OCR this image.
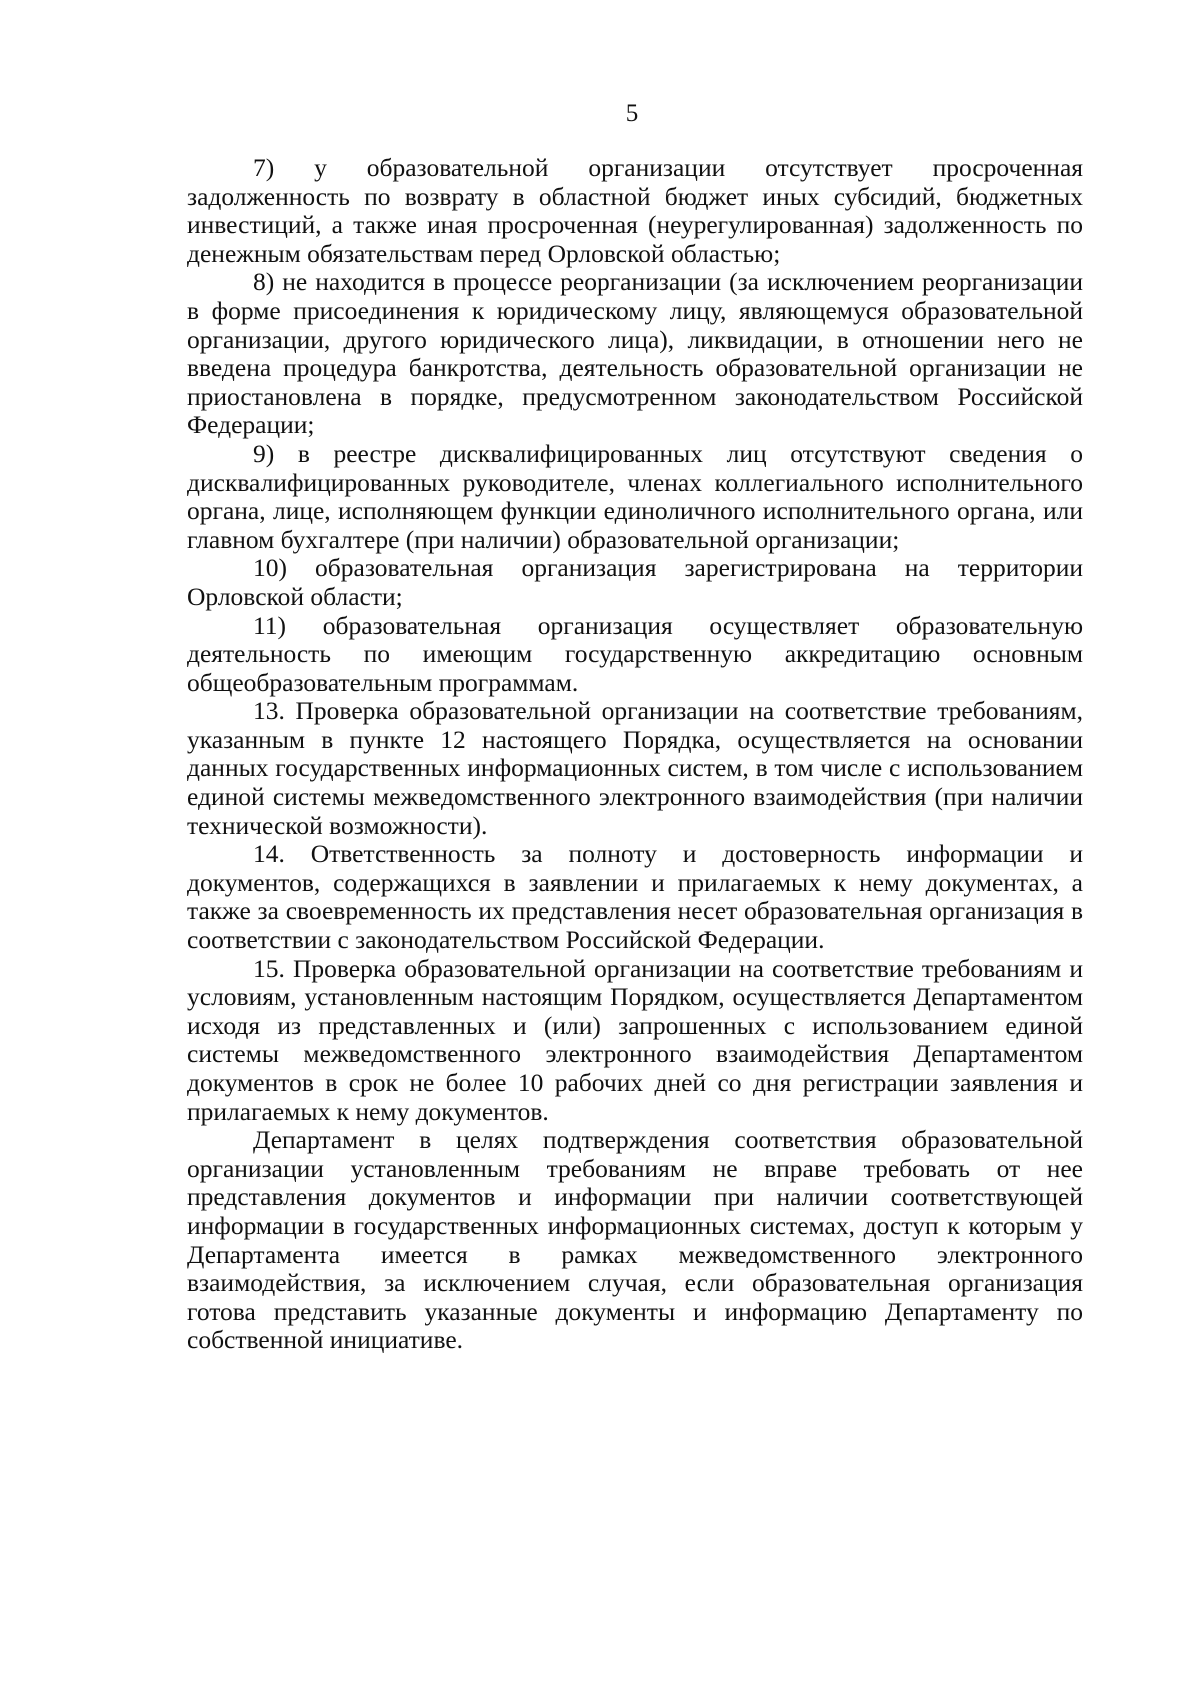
5

7) у образовательной организации отсутствует просроченная задолженность по возврату в областной бюджет иных субсидий, бюджетных инвестиций, а также иная просроченная (неурегулированная) задолженность по денежным обязательствам перед Орловской областью;

8) не находится в процессе реорганизации (за исключением реорганизации в форме присоединения к юридическому лицу, являющемуся образовательной организации, другого юридического лица), ликвидации, в отношении него не введена процедура банкротства, деятельность образовательной организации не приостановлена в порядке, предусмотренном законодательством Российской Федерации;

9) в реестре дисквалифицированных лиц отсутствуют сведения о дисквалифицированных руководителе, членах коллегиального исполнительного органа, лице, исполняющем функции единоличного исполнительного органа, или главном бухгалтере (при наличии) образовательной организации;

10) образовательная организация зарегистрирована на территории Орловской области;

11) образовательная организация осуществляет образовательную деятельность по имеющим государственную аккредитацию основным общеобразовательным программам.

13. Проверка образовательной организации на соответствие требованиям, указанным в пункте 12 настоящего Порядка, осуществляется на основании данных государственных информационных систем, в том числе с использованием единой системы межведомственного электронного взаимодействия (при наличии технической возможности).

14. Ответственность за полноту и достоверность информации и документов, содержащихся в заявлении и прилагаемых к нему документах, а также за своевременность их представления несет образовательная организация в соответствии с законодательством Российской Федерации.

15. Проверка образовательной организации на соответствие требованиям и условиям, установленным настоящим Порядком, осуществляется Департаментом исходя из представленных и (или) запрошенных с использованием единой системы межведомственного электронного взаимодействия Департаментом документов в срок не более 10 рабочих дней со дня регистрации заявления и прилагаемых к нему документов.

Департамент в целях подтверждения соответствия образовательной организации установленным требованиям не вправе требовать от нее представления документов и информации при наличии соответствующей информации в государственных информационных системах, доступ к которым у Департамента имеется в рамках межведомственного электронного взаимодействия, за исключением случая, если образовательная организация готова представить указанные документы и информацию Департаменту по собственной инициативе.
